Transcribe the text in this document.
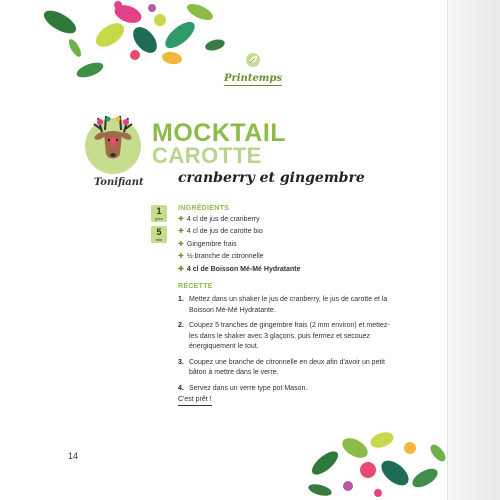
Printemps
Tonifiant
MOCKTAIL
CAROTTE
cranberry et gingembre
1
pers
5
min
INGRÉDIENTS
✚ 4 cl de jus de cranberry
✚ 4 cl de jus de carotte bio
✚ Gingembre frais
✚ ½ branche de citronnelle
✚ 4 cl de Boisson Mé-Mé Hydratante
RECETTE
1. Mettez dans un shaker le jus de cranberry, le jus de carotte et la Boisson Mé-Mé Hydratante.
2. Coupez 5 tranches de gingembre frais (2 mm environ) et mettez-les dans le shaker avec 3 glaçons, puis fermez et secouez énergiquement le tout.
3. Coupez une branche de citronnelle en deux afin d'avoir un petit bâton à mettre dans le verre.
4. Servez dans un verre type pot Mason.
C'est prêt !
14
